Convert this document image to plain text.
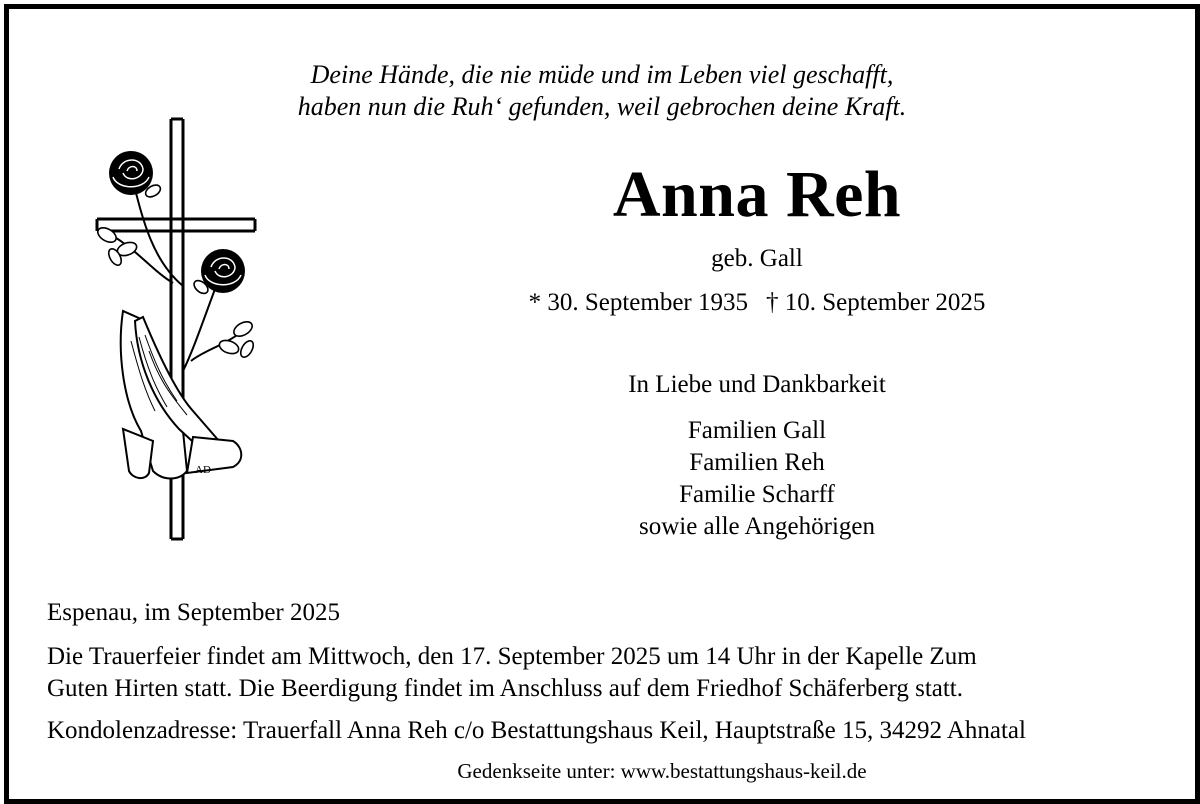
Deine Hände, die nie müde und im Leben viel geschafft,
haben nun die Ruh‘ gefunden, weil gebrochen deine Kraft.
AD
Anna Reh
geb. Gall
* 30. September 1935 † 10. September 2025
In Liebe und Dankbarkeit
Familien Gall
Familien Reh
Familie Scharff
sowie alle Angehörigen
Espenau, im September 2025
Die Trauerfeier findet am Mittwoch, den 17. September 2025 um 14 Uhr in der Kapelle Zum
Guten Hirten statt. Die Beerdigung findet im Anschluss auf dem Friedhof Schäferberg statt.
Kondolenzadresse: Trauerfall Anna Reh c/o Bestattungshaus Keil, Hauptstraße 15, 34292 Ahnatal
Gedenkseite unter: www.bestattungshaus-keil.de
